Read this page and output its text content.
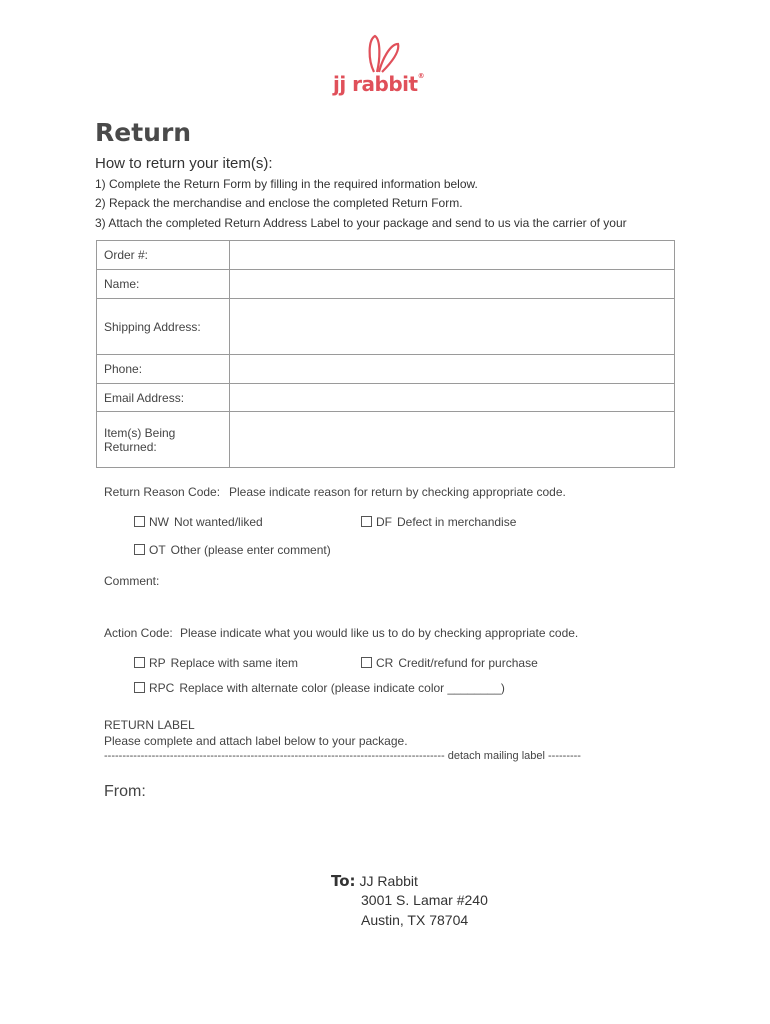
jj rabbit®
Return
How to return your item(s):
1) Complete the Return Form by filling in the required information below.
2) Repack the merchandise and enclose the completed Return Form.
3) Attach the completed Return Address Label to your package and send to us via the carrier of your
Order #:	
Name:	
Shipping Address:	
Phone:	
Email Address:	

Item(s) Being
Returned:	

Return Reason Code: Please indicate reason for return by checking appropriate code.
NW Not wanted/liked	DF Defect in merchandise
OT Other (please enter comment)
Comment:
Action Code: Please indicate what you would like us to do by checking appropriate code.
RP Replace with same item	CR Credit/refund for purchase
RPC Replace with alternate color (please indicate color ________)
RETURN LABEL
Please complete and attach label below to your package.
--------------------------------------------------------------------------------------------- detach mailing label ---------
From:
To: JJ Rabbit
3001 S. Lamar #240
Austin, TX 78704
